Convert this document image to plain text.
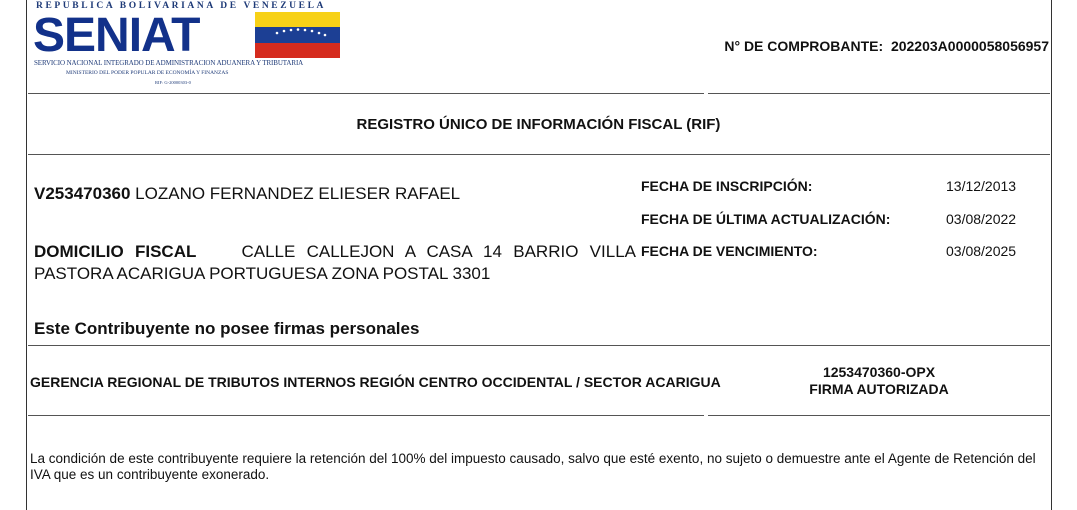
REPUBLICA BOLIVARIANA DE VENEZUELA
SENIAT
SERVICIO NACIONAL INTEGRADO DE ADMINISTRACION ADUANERA Y TRIBUTARIA
MINISTERIO DEL PODER POPULAR DE ECONOMÍA Y FINANZAS
RIF: G-20000303-0
N° DE COMPROBANTE: 202203A0000058056957
REGISTRO ÚNICO DE INFORMACIÓN FISCAL (RIF)
V253470360 LOZANO FERNANDEZ ELIESER RAFAEL
DOMICILIO FISCAL	CALLE CALLEJON A CASA 14 BARRIO VILLA PASTORA ACARIGUA PORTUGUESA ZONA POSTAL 3301
FECHA DE INSCRIPCIÓN:	13/12/2013
FECHA DE ÚLTIMA ACTUALIZACIÓN:	03/08/2022
FECHA DE VENCIMIENTO:	03/08/2025
Este Contribuyente no posee firmas personales
GERENCIA REGIONAL DE TRIBUTOS INTERNOS REGIÓN CENTRO OCCIDENTAL / SECTOR ACARIGUA
1253470360-OPX
FIRMA AUTORIZADA
La condición de este contribuyente requiere la retención del 100% del impuesto causado, salvo que esté exento, no sujeto o demuestre ante el Agente de Retención del IVA que es un contribuyente exonerado.
